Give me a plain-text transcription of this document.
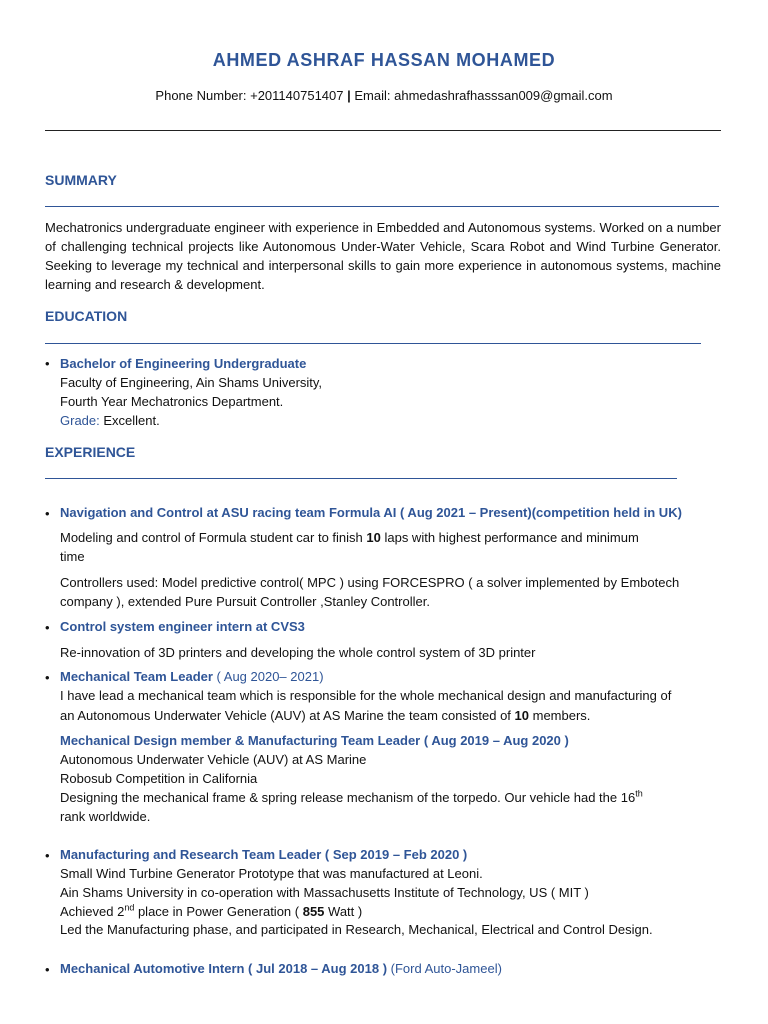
AHMED ASHRAF HASSAN MOHAMED
Phone Number: +201140751407 | Email: ahmedashrafhasssan009@gmail.com
SUMMARY
Mechatronics undergraduate engineer with experience in Embedded and Autonomous systems. Worked on a number of challenging technical projects like Autonomous Under-Water Vehicle, Scara Robot and Wind Turbine Generator. Seeking to leverage my technical and interpersonal skills to gain more experience in autonomous systems, machine learning and research & development.
EDUCATION
• Bachelor of Engineering Undergraduate
Faculty of Engineering, Ain Shams University,
Fourth Year Mechatronics Department.
Grade: Excellent.
EXPERIENCE
• Navigation and Control at ASU racing team Formula AI ( Aug 2021 – Present)(competition held in UK)
Modeling and control of Formula student car to finish 10 laps with highest performance and minimum
time
Controllers used: Model predictive control( MPC ) using FORCESPRO ( a solver implemented by Embotech
company ), extended Pure Pursuit Controller ,Stanley Controller.
• Control system engineer intern at CVS3
Re-innovation of 3D printers and developing the whole control system of 3D printer
• Mechanical Team Leader ( Aug 2020– 2021)
I have lead a mechanical team which is responsible for the whole mechanical design and manufacturing of
an Autonomous Underwater Vehicle (AUV) at AS Marine the team consisted of 10 members.
Mechanical Design member & Manufacturing Team Leader ( Aug 2019 – Aug 2020 )
Autonomous Underwater Vehicle (AUV) at AS Marine
Robosub Competition in California
Designing the mechanical frame & spring release mechanism of the torpedo. Our vehicle had the 16th
rank worldwide.
• Manufacturing and Research Team Leader ( Sep 2019 – Feb 2020 )
Small Wind Turbine Generator Prototype that was manufactured at Leoni.
Ain Shams University in co-operation with Massachusetts Institute of Technology, US ( MIT )
Achieved 2nd place in Power Generation ( 855 Watt )
Led the Manufacturing phase, and participated in Research, Mechanical, Electrical and Control Design.
• Mechanical Automotive Intern ( Jul 2018 – Aug 2018 ) (Ford Auto-Jameel)
